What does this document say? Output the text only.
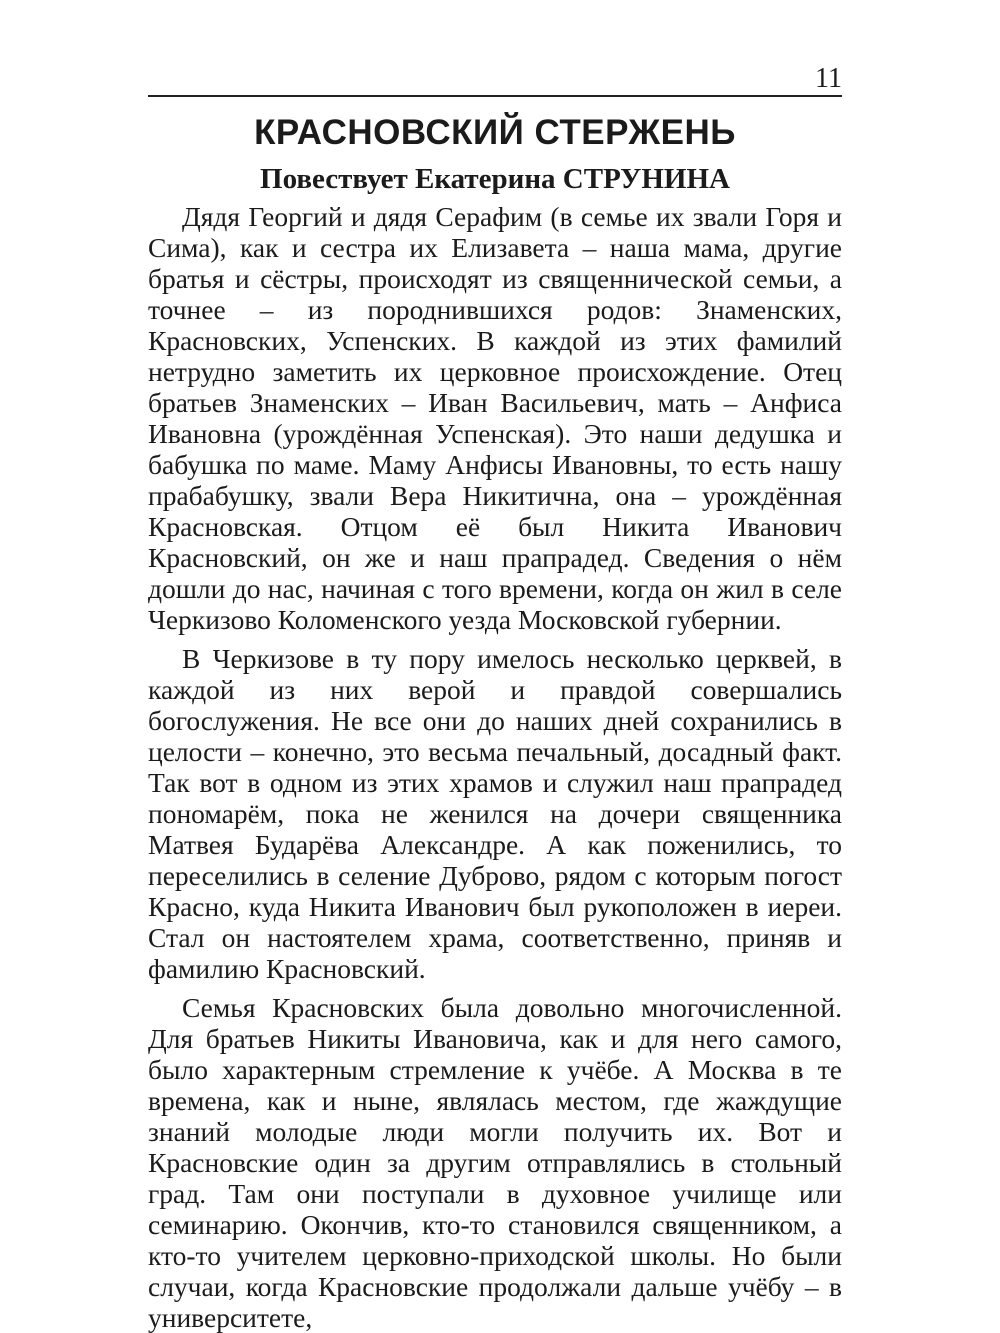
11
КРАСНОВСКИЙ СТЕРЖЕНЬ
Повествует Екатерина СТРУНИНА

Дядя Георгий и дядя Серафим (в семье их звали Горя и Сима), как и сестра их Елизавета – наша мама, другие братья и сёстры, происходят из священнической семьи, а точнее – из породнившихся родов: Знаменских, Красновских, Успенских. В каждой из этих фамилий нетрудно заметить их церковное происхождение. Отец братьев Знаменских – Иван Васильевич, мать – Анфиса Ивановна (урождённая Успенская). Это наши дедушка и бабушка по маме. Маму Анфисы Ивановны, то есть нашу прабабушку, звали Вера Никитична, она – урождённая Красновская. Отцом её был Никита Иванович Красновский, он же и наш прапрадед. Сведения о нём дошли до нас, начиная с того времени, когда он жил в селе Черкизово Коломенского уезда Московской губернии.

В Черкизове в ту пору имелось несколько церквей, в каждой из них верой и правдой совершались богослужения. Не все они до наших дней сохранились в целости – конечно, это весьма печальный, досадный факт. Так вот в одном из этих храмов и служил наш прапрадед пономарём, пока не женился на дочери священника Матвея Бударёва Александре. А как поженились, то переселились в селение Дуброво, рядом с которым погост Красно, куда Никита Иванович был рукоположен в иереи. Стал он настоятелем храма, соответственно, приняв и фамилию Красновский.

Семья Красновских была довольно многочисленной. Для братьев Никиты Ивановича, как и для него самого, было характерным стремление к учёбе. А Москва в те времена, как и ныне, являлась местом, где жаждущие знаний молодые люди могли получить их. Вот и Красновские один за другим отправлялись в стольный град. Там они поступали в духовное училище или семинарию. Окончив, кто-то становился священником, а кто-то учителем церковно-приходской школы. Но были случаи, когда Красновские продолжали дальше учёбу – в университете,
